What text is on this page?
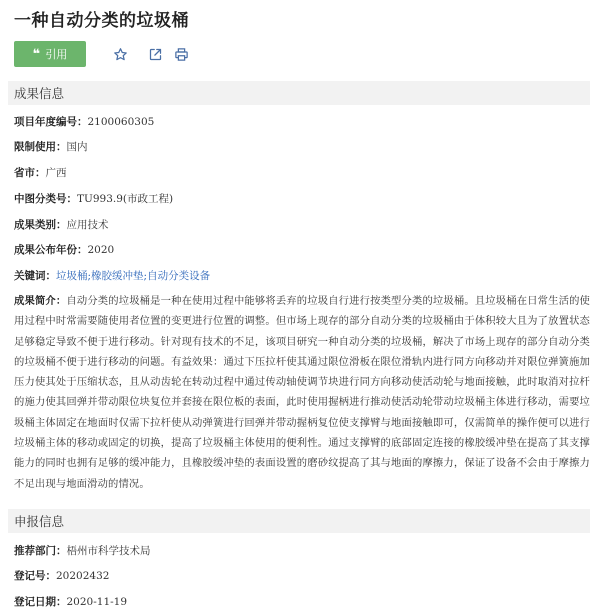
一种自动分类的垃圾桶
❝ 引用
成果信息
项目年度编号：2100060305
限制使用：国内
省市：广西
中图分类号：TU993.9(市政工程)
成果类别：应用技术
成果公布年份：2020
关键词：垃圾桶;橡胶缓冲垫;自动分类设备

成果简介：自动分类的垃圾桶是一种在使用过程中能够将丢弃的垃圾自行进行按类型分类的垃圾桶。且垃圾桶在日常生活的使用过程中时常需要随使用者位置的变更进行位置的调整。但市场上现存的部分自动分类的垃圾桶由于体积较大且为了放置状态足够稳定导致不便于进行移动。针对现有技术的不足，该项目研究一种自动分类的垃圾桶，解决了市场上现存的部分自动分类的垃圾桶不便于进行移动的问题。有益效果：通过下压拉杆使其通过限位滑板在限位滑轨内进行同方向移动并对限位弹簧施加压力使其处于压缩状态，且从动齿轮在转动过程中通过传动轴使调节块进行同方向移动使活动轮与地面接触，此时取消对拉杆的施力使其回弹并带动限位块复位并套接在限位板的表面，此时使用握柄进行推动使活动轮带动垃圾桶主体进行移动，需要垃圾桶主体固定在地面时仅需下拉杆使从动弹簧进行回弹并带动握柄复位使支撑臂与地面接触即可，仅需简单的操作便可以进行垃圾桶主体的移动或固定的切换，提高了垃圾桶主体使用的便利性。通过支撑臂的底部固定连接的橡胶缓冲垫在提高了其支撑能力的同时也拥有足够的缓冲能力，且橡胶缓冲垫的表面设置的磨砂纹提高了其与地面的摩擦力，保证了设备不会由于摩擦力不足出现与地面滑动的情况。

申报信息
推荐部门：梧州市科学技术局
登记号：20202432
登记日期：2020-11-19
